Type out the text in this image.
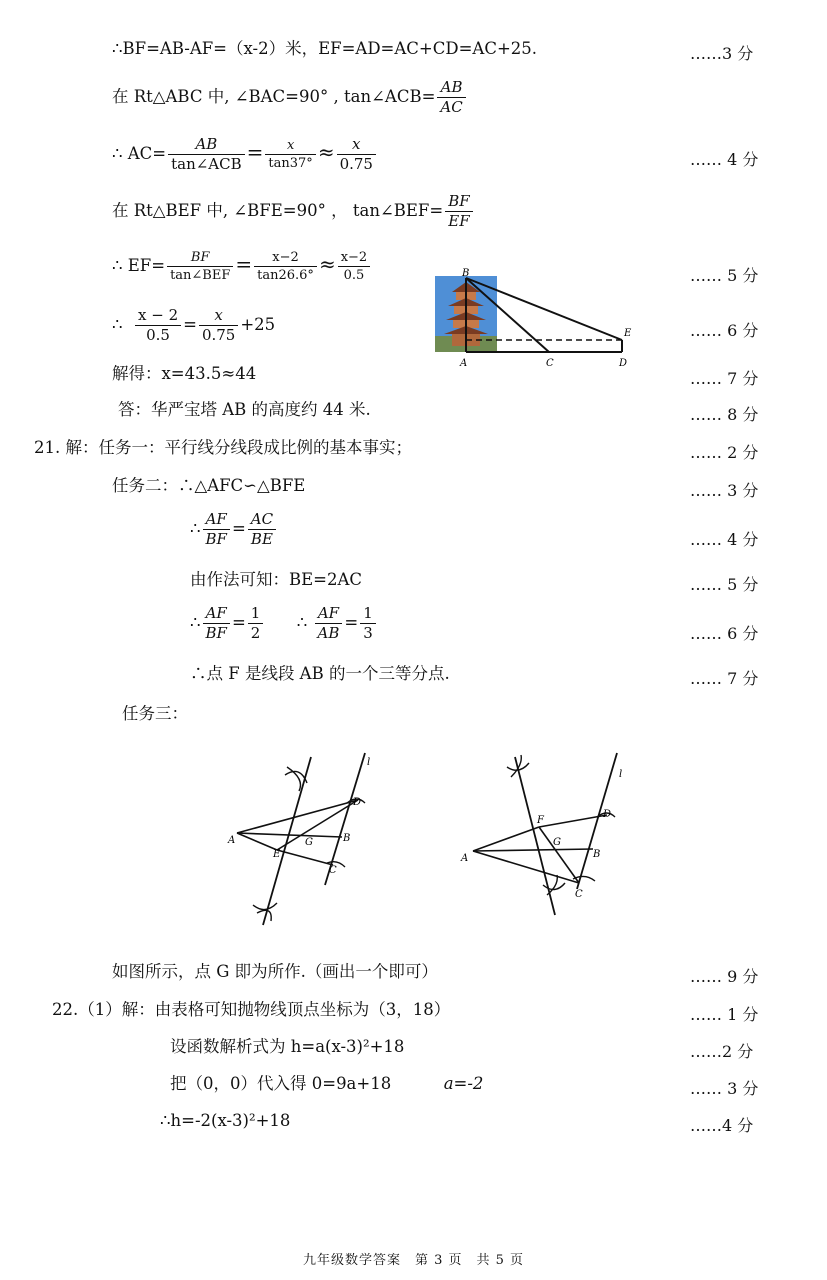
∴BF=AB-AF=（x-2）米，EF=AD=AC+CD=AC+25.	……3 分
在 Rt△ABC 中, ∠BAC=90° , tan∠ACB= $\frac{AB}{AC}$
∴ $AC= \frac{AB}{\text{tan∠ACB}} = \frac{x}{\tan 37^\circ} \approx \frac{x}{0.75}$	…… 4 分
在 Rt△BEF 中, ∠BFE=90° ， tan∠BEF= $\frac{BF}{EF}$
∴ $EF= \frac{BF}{\text{tan∠BEF}} = \frac{x-2}{\tan 26.6^\circ} \approx \frac{x-2}{0.5}$	…… 5 分
∴ $\frac{x - 2}{0.5} = \frac{x}{0.75} +25$	…… 6 分
解得：x=43.5≈44	…… 7 分
答：华严宝塔 AB 的高度约 44 米.	…… 8 分
B
E
A	C	D
21. 解：任务一：平行线分线段成比例的基本事实；	…… 2 分
任务二：∴△AFC∽△BFE	…… 3 分
∴ $\frac{AF}{BF} = \frac{AC}{BE}$	…… 4 分
由作法可知：BE=2AC	…… 5 分
∴ $\frac{AF}{BF} = \frac{1}{2}$ ∴ $\frac{AF}{AB} = \frac{1}{3}$	…… 6 分
∴点 F 是线段 AB 的一个三等分点.	…… 7 分
任务三：
A
E
G	B
D
C
l
A
F
G
B
D
C
l
如图所示，点 G 即为所作.（画出一个即可）	…… 9 分
22.（1）解：由表格可知抛物线顶点坐标为（3，18）	…… 1 分
设函数解析式为 h=a(x-3)²+18	……2 分
把（0，0）代入得 0=9a+18	a=-2	…… 3 分
∴h=-2(x-3)²+18	……4 分
九年级数学答案　第 3 页　共 5 页
